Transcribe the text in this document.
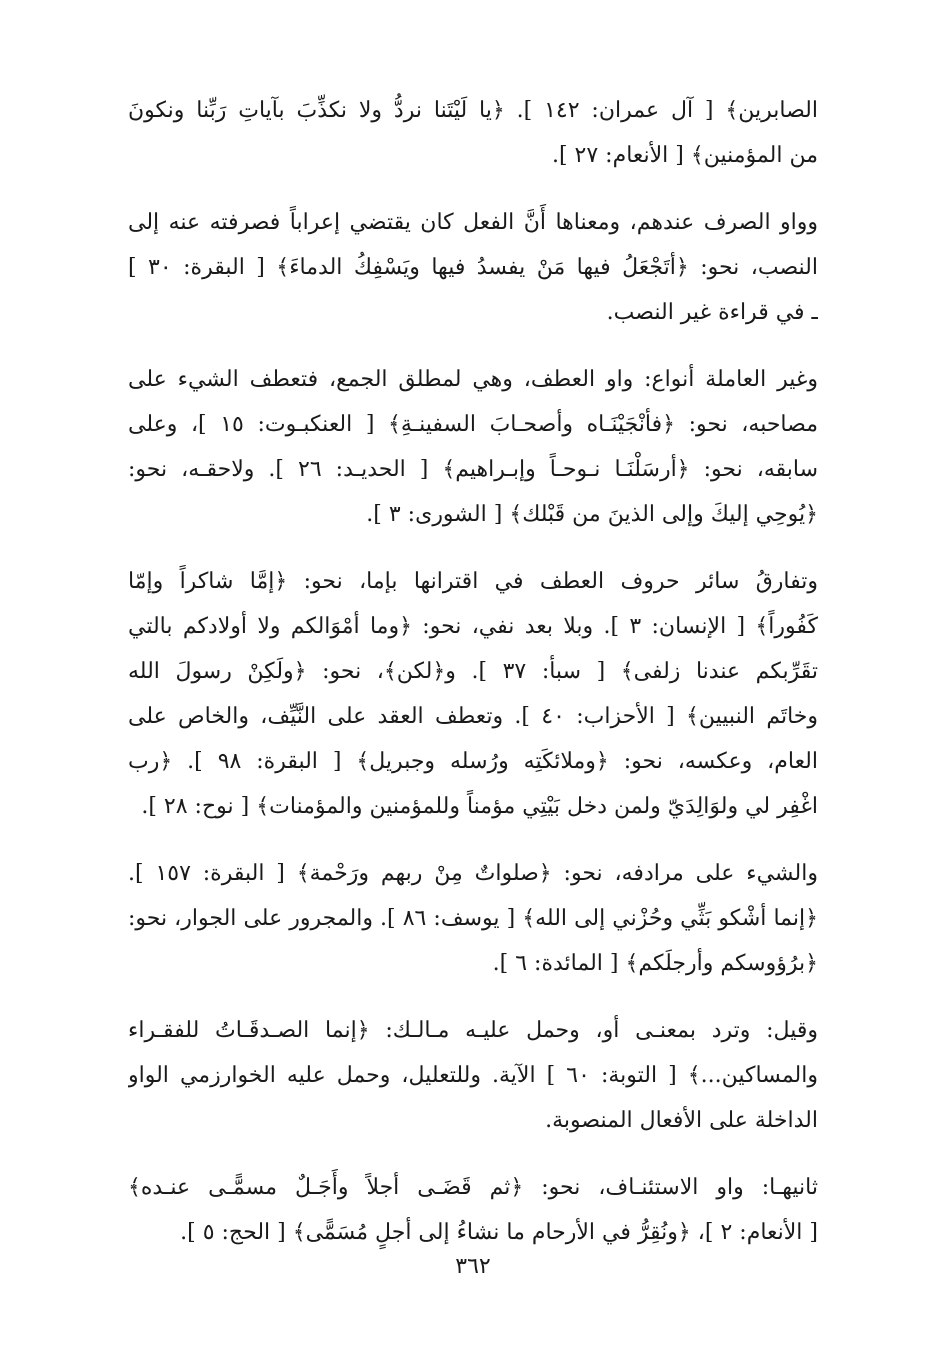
الصابرين﴾ [ آل عمران: ١٤٢ ]. ﴿يا لَيْتَنا نردُّ ولا نكذِّبَ بآياتِ رَبِّنا ونكونَ
من المؤمنين﴾ [ الأنعام: ٢٧ ].
وواو الصرف عندهم، ومعناها أَنَّ الفعل كان يقتضي إعراباً فصرفته عنه إلى
النصب، نحو: ﴿أتَجْعَلُ فيها مَنْ يفسدُ فيها ويَسْفِكُ الدماءَ﴾ [ البقرة: ٣٠ ]
ـ في قراءة غير النصب.
وغير العاملة أنواع: واو العطف، وهي لمطلق الجمع، فتعطف الشيء على
مصاحبه، نحو: ﴿فأنْجَيْنَـاه وأصحـابَ السفينـةِ﴾ [ العنكبـوت: ١٥ ]، وعلى
سابقه، نحو: ﴿أرسَلْنَـا نـوحـاً وإبـراهيم﴾ [ الحديـد: ٢٦ ]. ولاحقـه، نحو:
﴿يُوحِي إليكَ وإلى الذينَ من قَبْلك﴾ [ الشورى: ٣ ].
وتفارقُ سائر حروف العطف في اقترانها بإما، نحو: ﴿إمَّا شاكراً وإمّا
كَفُوراً﴾ [ الإنسان: ٣ ]. وبلا بعد نفي، نحو: ﴿وما أمْوَالكم ولا أولادكم بالتي
تقَرِّبكم عندنا زلفى﴾ [ سبأ: ٣٧ ]. و﴿لكن﴾، نحو: ﴿ولَكِنْ رسولَ الله
وخاتَم النبيين﴾ [ الأحزاب: ٤٠ ]. وتعطف العقد على النَّيِّف، والخاص على
العام، وعكسه، نحو: ﴿وملائكَتِه ورُسله وجبريل﴾ [ البقرة: ٩٨ ]. ﴿رب
اغْفِر لي ولوَالِدَيّ ولمن دخل بَيْتِي مؤمناً وللمؤمنين والمؤمنات﴾ [ نوح: ٢٨ ].
والشيء على مرادفه، نحو: ﴿صلواتٌ مِنْ ربهم ورَحْمة﴾ [ البقرة: ١٥٧ ].
﴿إنما أشْكو بَثِّي وحُزْني إلى الله﴾ [ يوسف: ٨٦ ]. والمجرور على الجوار، نحو:
﴿برُؤوسكم وأرجلَكم﴾ [ المائدة: ٦ ].
وقيل: وترد بمعنـى أو، وحمل عليـه مـالـك: ﴿إنما الصـدقَـاتُ للفقـراء
والمساكين...﴾ [ التوبة: ٦٠ ] الآية. وللتعليل، وحمل عليه الخوارزمي الواو
الداخلة على الأفعال المنصوبة.
ثانيهـا: واو الاستئنـاف، نحو: ﴿ثم قَضَـى أجلاً وأَجَـلٌ مسمًّـى عنـده﴾
[ الأنعام: ٢ ]، ﴿ونُقِرُّ في الأرحام ما نشاءُ إلى أجلٍ مُسَمًّى﴾ [ الحج: ٥ ].
٣٦٢
